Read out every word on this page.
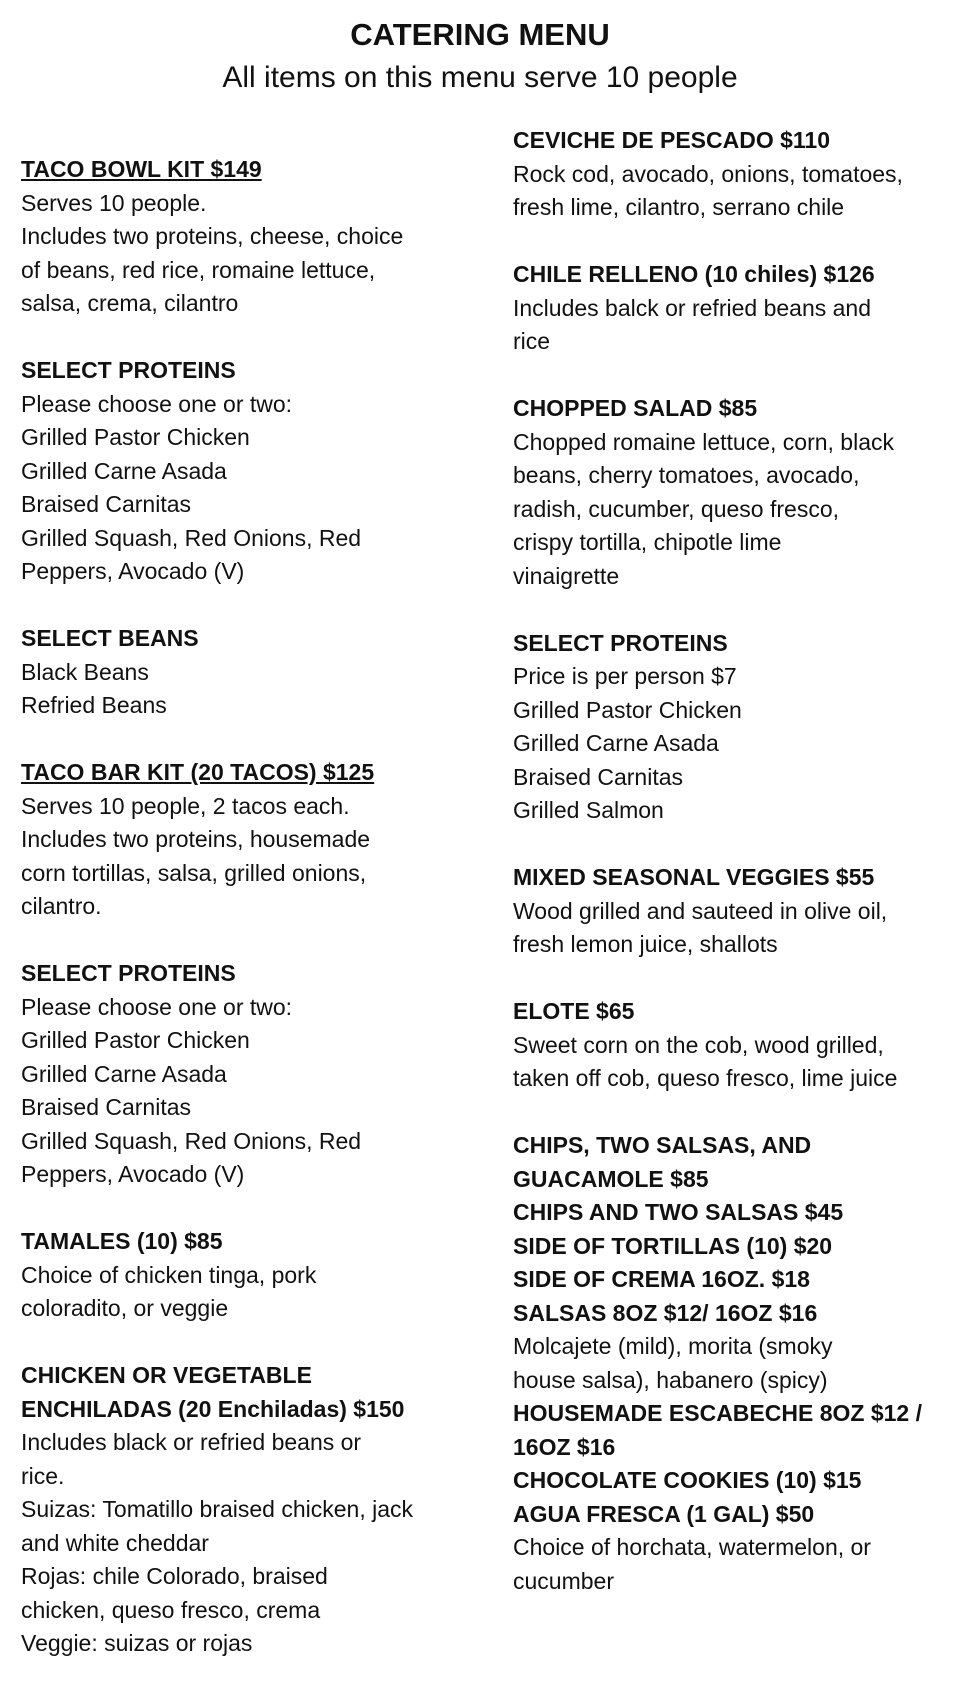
CATERING MENU
All items on this menu serve 10 people
TACO BOWL KIT $149
Serves 10 people.
Includes two proteins, cheese, choice
of beans, red rice, romaine lettuce,
salsa, crema, cilantro
SELECT PROTEINS
Please choose one or two:
Grilled Pastor Chicken
Grilled Carne Asada
Braised Carnitas
Grilled Squash, Red Onions, Red
Peppers, Avocado (V)
SELECT BEANS
Black Beans
Refried Beans
TACO BAR KIT (20 TACOS) $125
Serves 10 people, 2 tacos each.
Includes two proteins, housemade
corn tortillas, salsa, grilled onions,
cilantro.
SELECT PROTEINS
Please choose one or two:
Grilled Pastor Chicken
Grilled Carne Asada
Braised Carnitas
Grilled Squash, Red Onions, Red
Peppers, Avocado (V)
TAMALES (10) $85
Choice of chicken tinga, pork
coloradito, or veggie
CHICKEN OR VEGETABLE
ENCHILADAS (20 Enchiladas) $150
Includes black or refried beans or
rice.
Suizas: Tomatillo braised chicken, jack
and white cheddar
Rojas: chile Colorado, braised
chicken, queso fresco, crema
Veggie: suizas or rojas
CEVICHE DE PESCADO $110
Rock cod, avocado, onions, tomatoes,
fresh lime, cilantro, serrano chile
CHILE RELLENO (10 chiles) $126
Includes balck or refried beans and
rice
CHOPPED SALAD $85
Chopped romaine lettuce, corn, black
beans, cherry tomatoes, avocado,
radish, cucumber, queso fresco,
crispy tortilla, chipotle lime
vinaigrette
SELECT PROTEINS
Price is per person $7
Grilled Pastor Chicken
Grilled Carne Asada
Braised Carnitas
Grilled Salmon
MIXED SEASONAL VEGGIES $55
Wood grilled and sauteed in olive oil,
fresh lemon juice, shallots
ELOTE $65
Sweet corn on the cob, wood grilled,
taken off cob, queso fresco, lime juice
CHIPS, TWO SALSAS, AND
GUACAMOLE $85
CHIPS AND TWO SALSAS $45
SIDE OF TORTILLAS (10) $20
SIDE OF CREMA 16OZ. $18
SALSAS 8OZ $12/ 16OZ $16
Molcajete (mild), morita (smoky
house salsa), habanero (spicy)
HOUSEMADE ESCABECHE 8OZ $12 /
16OZ $16
CHOCOLATE COOKIES (10) $15
AGUA FRESCA (1 GAL) $50
Choice of horchata, watermelon, or
cucumber
